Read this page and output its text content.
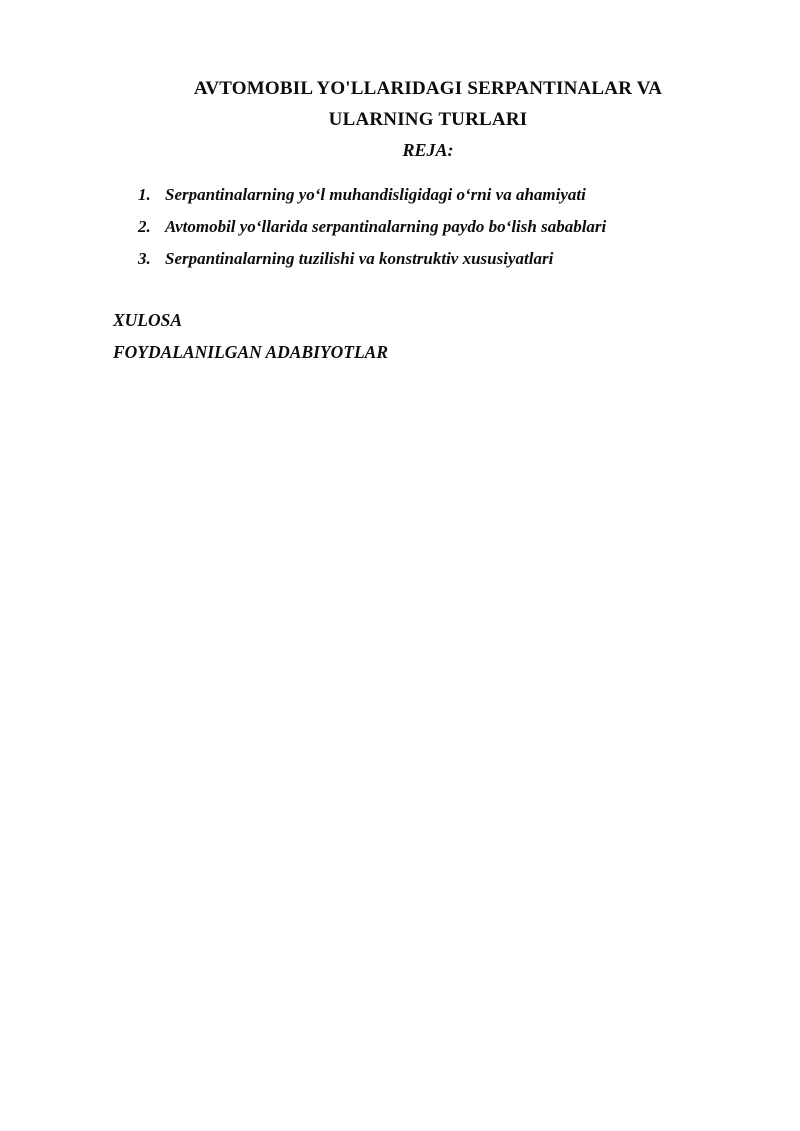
AVTOMOBIL YO'LLARIDAGI SERPANTINALAR VA
ULARNING TURLARI
REJA:
1. Serpantinalarning yo‘l muhandisligidagi o‘rni va ahamiyati
2. Avtomobil yo‘llarida serpantinalarning paydo bo‘lish sabablari
3. Serpantinalarning tuzilishi va konstruktiv xususiyatlari
XULOSA
FOYDALANILGAN ADABIYOTLAR
